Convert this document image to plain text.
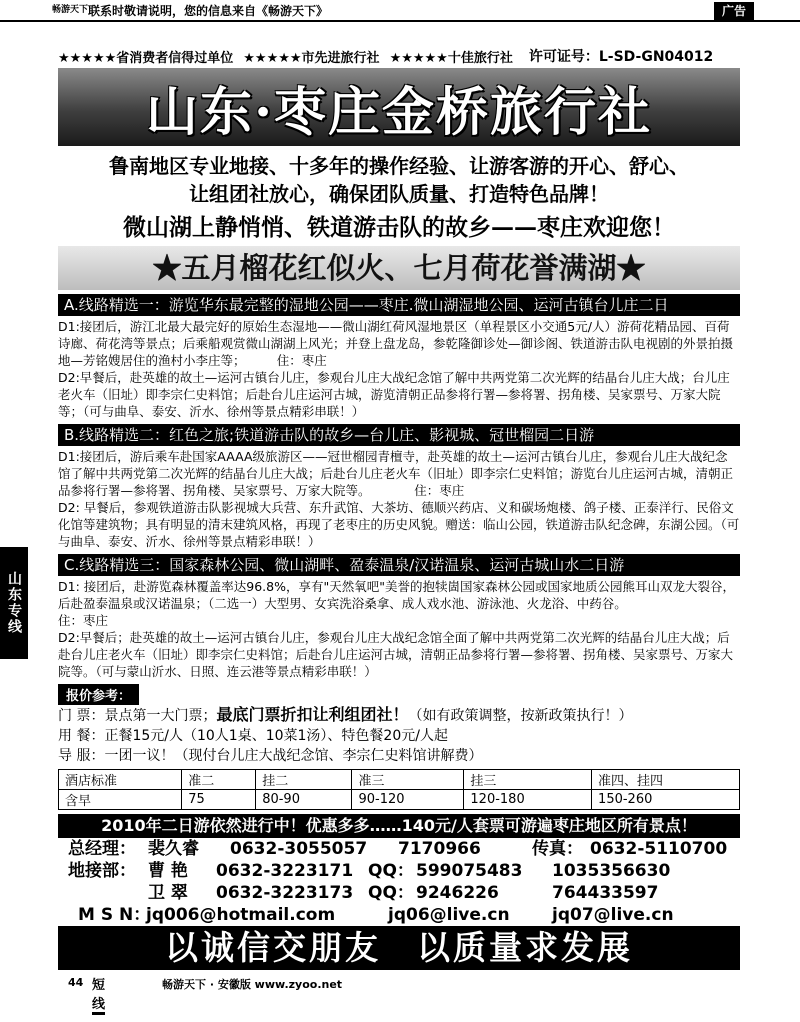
畅游天下 联系时敬请说明，您的信息来自《畅游天下》	广告
山东专线
★★★★★省消费者信得过单位 ★★★★★市先进旅行社 ★★★★★十佳旅行社 许可证号：L-SD-GN04012
山东·枣庄金桥旅行社
鲁南地区专业地接、十多年的操作经验、让游客游的开心、舒心、
让组团社放心，确保团队质量、打造特色品牌！
微山湖上静悄悄、铁道游击队的故乡——枣庄欢迎您！
★五月榴花红似火、七月荷花誉满湖★
A.线路精选一：游览华东最完整的湿地公园——枣庄.微山湖湿地公园、运河古镇台儿庄二日

D1:接团后，游江北最大最完好的原始生态湿地——微山湖红荷风湿地景区（单程景区小交通5元/人）游荷花精品园、百荷诗廊、荷花湾等景点；后乘船观赏微山湖湖上风光；并登上盘龙岛，参乾隆御诊处—御诊阁、铁道游击队电视剧的外景拍摄地—芳铭嫂居住的渔村小李庄等；　　　住：枣庄

D2:早餐后，赴英雄的故土—运河古镇台儿庄，参观台儿庄大战纪念馆了解中共两党第二次光辉的结晶台儿庄大战；台儿庄老火车（旧址）即李宗仁史料馆；后赴台儿庄运河古城，游览清朝正品参将行署—参将署、拐角楼、吴家票号、万家大院等；（可与曲阜、泰安、沂水、徐州等景点精彩串联！）

B.线路精选二：红色之旅;铁道游击队的故乡—台儿庄、影视城、冠世榴园二日游

D1:接团后，游后乘车赴国家AAAA级旅游区——冠世榴园青檀寺，赴英雄的故土—运河古镇台儿庄，参观台儿庄大战纪念馆了解中共两党第二次光辉的结晶台儿庄大战；后赴台儿庄老火车（旧址）即李宗仁史料馆；游览台儿庄运河古城，清朝正品参将行署—参将署、拐角楼、吴家票号、万家大院等。　　　　住：枣庄

D2: 早餐后，参观铁道游击队影视城大兵营、东升武馆、大茶坊、德顺兴药店、义和碳场炮楼、鸽子楼、正泰洋行、民俗文化馆等建筑物；具有明显的清末建筑风格，再现了老枣庄的历史风貌。赠送：临山公园，铁道游击队纪念碑，东湖公园。（可与曲阜、泰安、沂水、徐州等景点精彩串联！）

C.线路精选三：国家森林公园、微山湖畔、盈泰温泉/汉诺温泉、运河古城山水二日游

D1: 接团后，赴游览森林覆盖率达96.8%，享有"天然氧吧"美誉的抱犊崮国家森林公园或国家地质公园熊耳山双龙大裂谷，后赴盈泰温泉或汉诺温泉；（二选一）大型男、女宾洗浴桑拿、成人戏水池、游泳池、火龙浴、中药谷。　　　　　　　　　　住：枣庄

D2:早餐后；赴英雄的故土—运河古镇台儿庄，参观台儿庄大战纪念馆全面了解中共两党第二次光辉的结晶台儿庄大战；后赴台儿庄老火车（旧址）即李宗仁史料馆；后赴台儿庄运河古城，清朝正品参将行署—参将署、拐角楼、吴家票号、万家大院等。（可与蒙山沂水、日照、连云港等景点精彩串联！）

报价参考：
门 票：景点第一大门票；最底门票折扣让利组团社！（如有政策调整，按新政策执行！）
用 餐：正餐15元/人（10人1桌、10菜1汤）、特色餐20元/人起
导 服：一团一议！（现付台儿庄大战纪念馆、李宗仁史料馆讲解费）
酒店标准	准二	挂二	准三	挂三	准四、挂四
含早	75	80-90	90-120	120-180	150-260
2010年二日游依然进行中！优惠多多……140元/人套票可游遍枣庄地区所有景点！
总经理： 裴久睿 0632-3055057 7170966	传真： 0632-5110700
地接部： 曹 艳 0632-3223171 QQ： 599075483 1035356630
卫 翠 0632-3223173 QQ： 9246226	764433597
M S N：
jq006@hotmail.com	jq06@live.cn jq07@live.cn
以诚信交朋友　以质量求发展
44 短线
畅游天下 · 安徽版 www.zyoo.net
